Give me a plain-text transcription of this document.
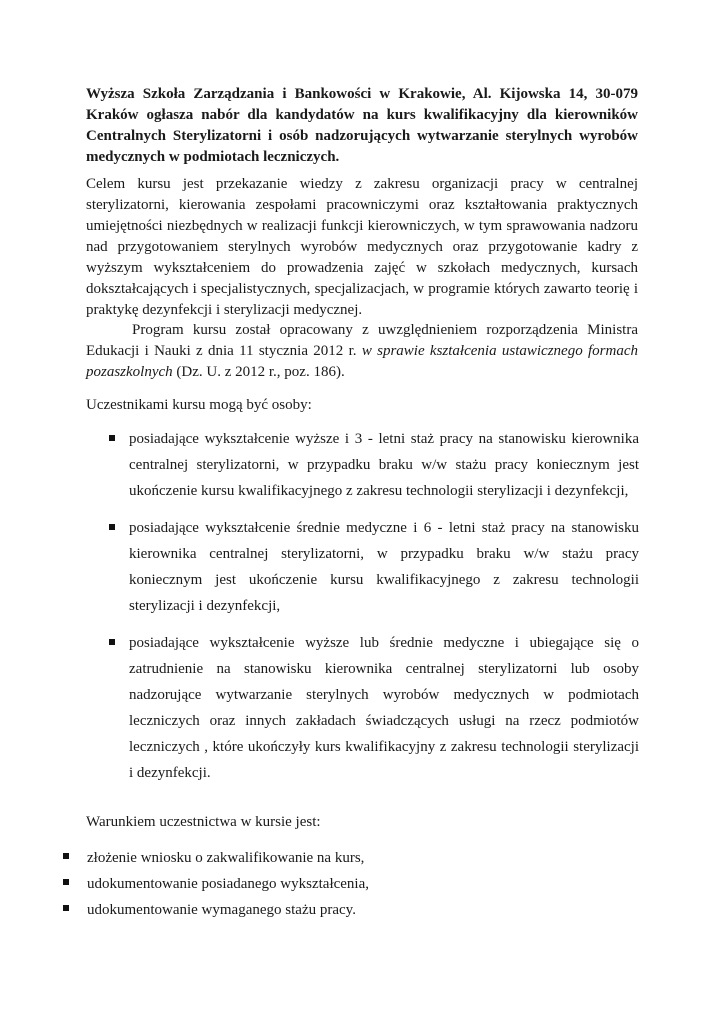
Wyższa Szkoła Zarządzania i Bankowości w Krakowie, Al. Kijowska 14, 30-079 Kraków ogłasza nabór dla kandydatów na kurs kwalifikacyjny dla kierowników Centralnych Sterylizatorni i osób nadzorujących wytwarzanie sterylnych wyrobów medycznych w podmiotach leczniczych.

Celem kursu jest przekazanie wiedzy z zakresu organizacji pracy w centralnej sterylizatorni, kierowania zespołami pracowniczymi oraz kształtowania praktycznych umiejętności niezbędnych w realizacji funkcji kierowniczych, w tym sprawowania nadzoru nad przygotowaniem sterylnych wyrobów medycznych oraz przygotowanie kadry z wyższym wykształceniem do prowadzenia zajęć w szkołach medycznych, kursach dokształcających i specjalistycznych, specjalizacjach, w programie których zawarto teorię i praktykę dezynfekcji i sterylizacji medycznej.

Program kursu został opracowany z uwzględnieniem rozporządzenia Ministra Edukacji i Nauki z dnia 11 stycznia 2012 r. w sprawie kształcenia ustawicznego formach pozaszkolnych (Dz. U. z 2012 r., poz. 186).

Uczestnikami kursu mogą być osoby:

posiadające wykształcenie wyższe i 3 - letni staż pracy na stanowisku kierownika centralnej sterylizatorni, w przypadku braku w/w stażu pracy koniecznym jest ukończenie kursu kwalifikacyjnego z zakresu technologii sterylizacji i dezynfekcji,
posiadające wykształcenie średnie medyczne i 6 - letni staż pracy na stanowisku kierownika centralnej sterylizatorni, w przypadku braku w/w stażu pracy koniecznym jest ukończenie kursu kwalifikacyjnego z zakresu technologii sterylizacji i dezynfekcji,
posiadające wykształcenie wyższe lub średnie medyczne i ubiegające się o zatrudnienie na stanowisku kierownika centralnej sterylizatorni lub osoby nadzorujące wytwarzanie sterylnych wyrobów medycznych w podmiotach leczniczych oraz innych zakładach świadczących usługi na rzecz podmiotów leczniczych , które ukończyły kurs kwalifikacyjny z zakresu technologii sterylizacji i dezynfekcji.

Warunkiem uczestnictwa w kursie jest:

złożenie wniosku o zakwalifikowanie na kurs,
udokumentowanie posiadanego wykształcenia,
udokumentowanie wymaganego stażu pracy.
